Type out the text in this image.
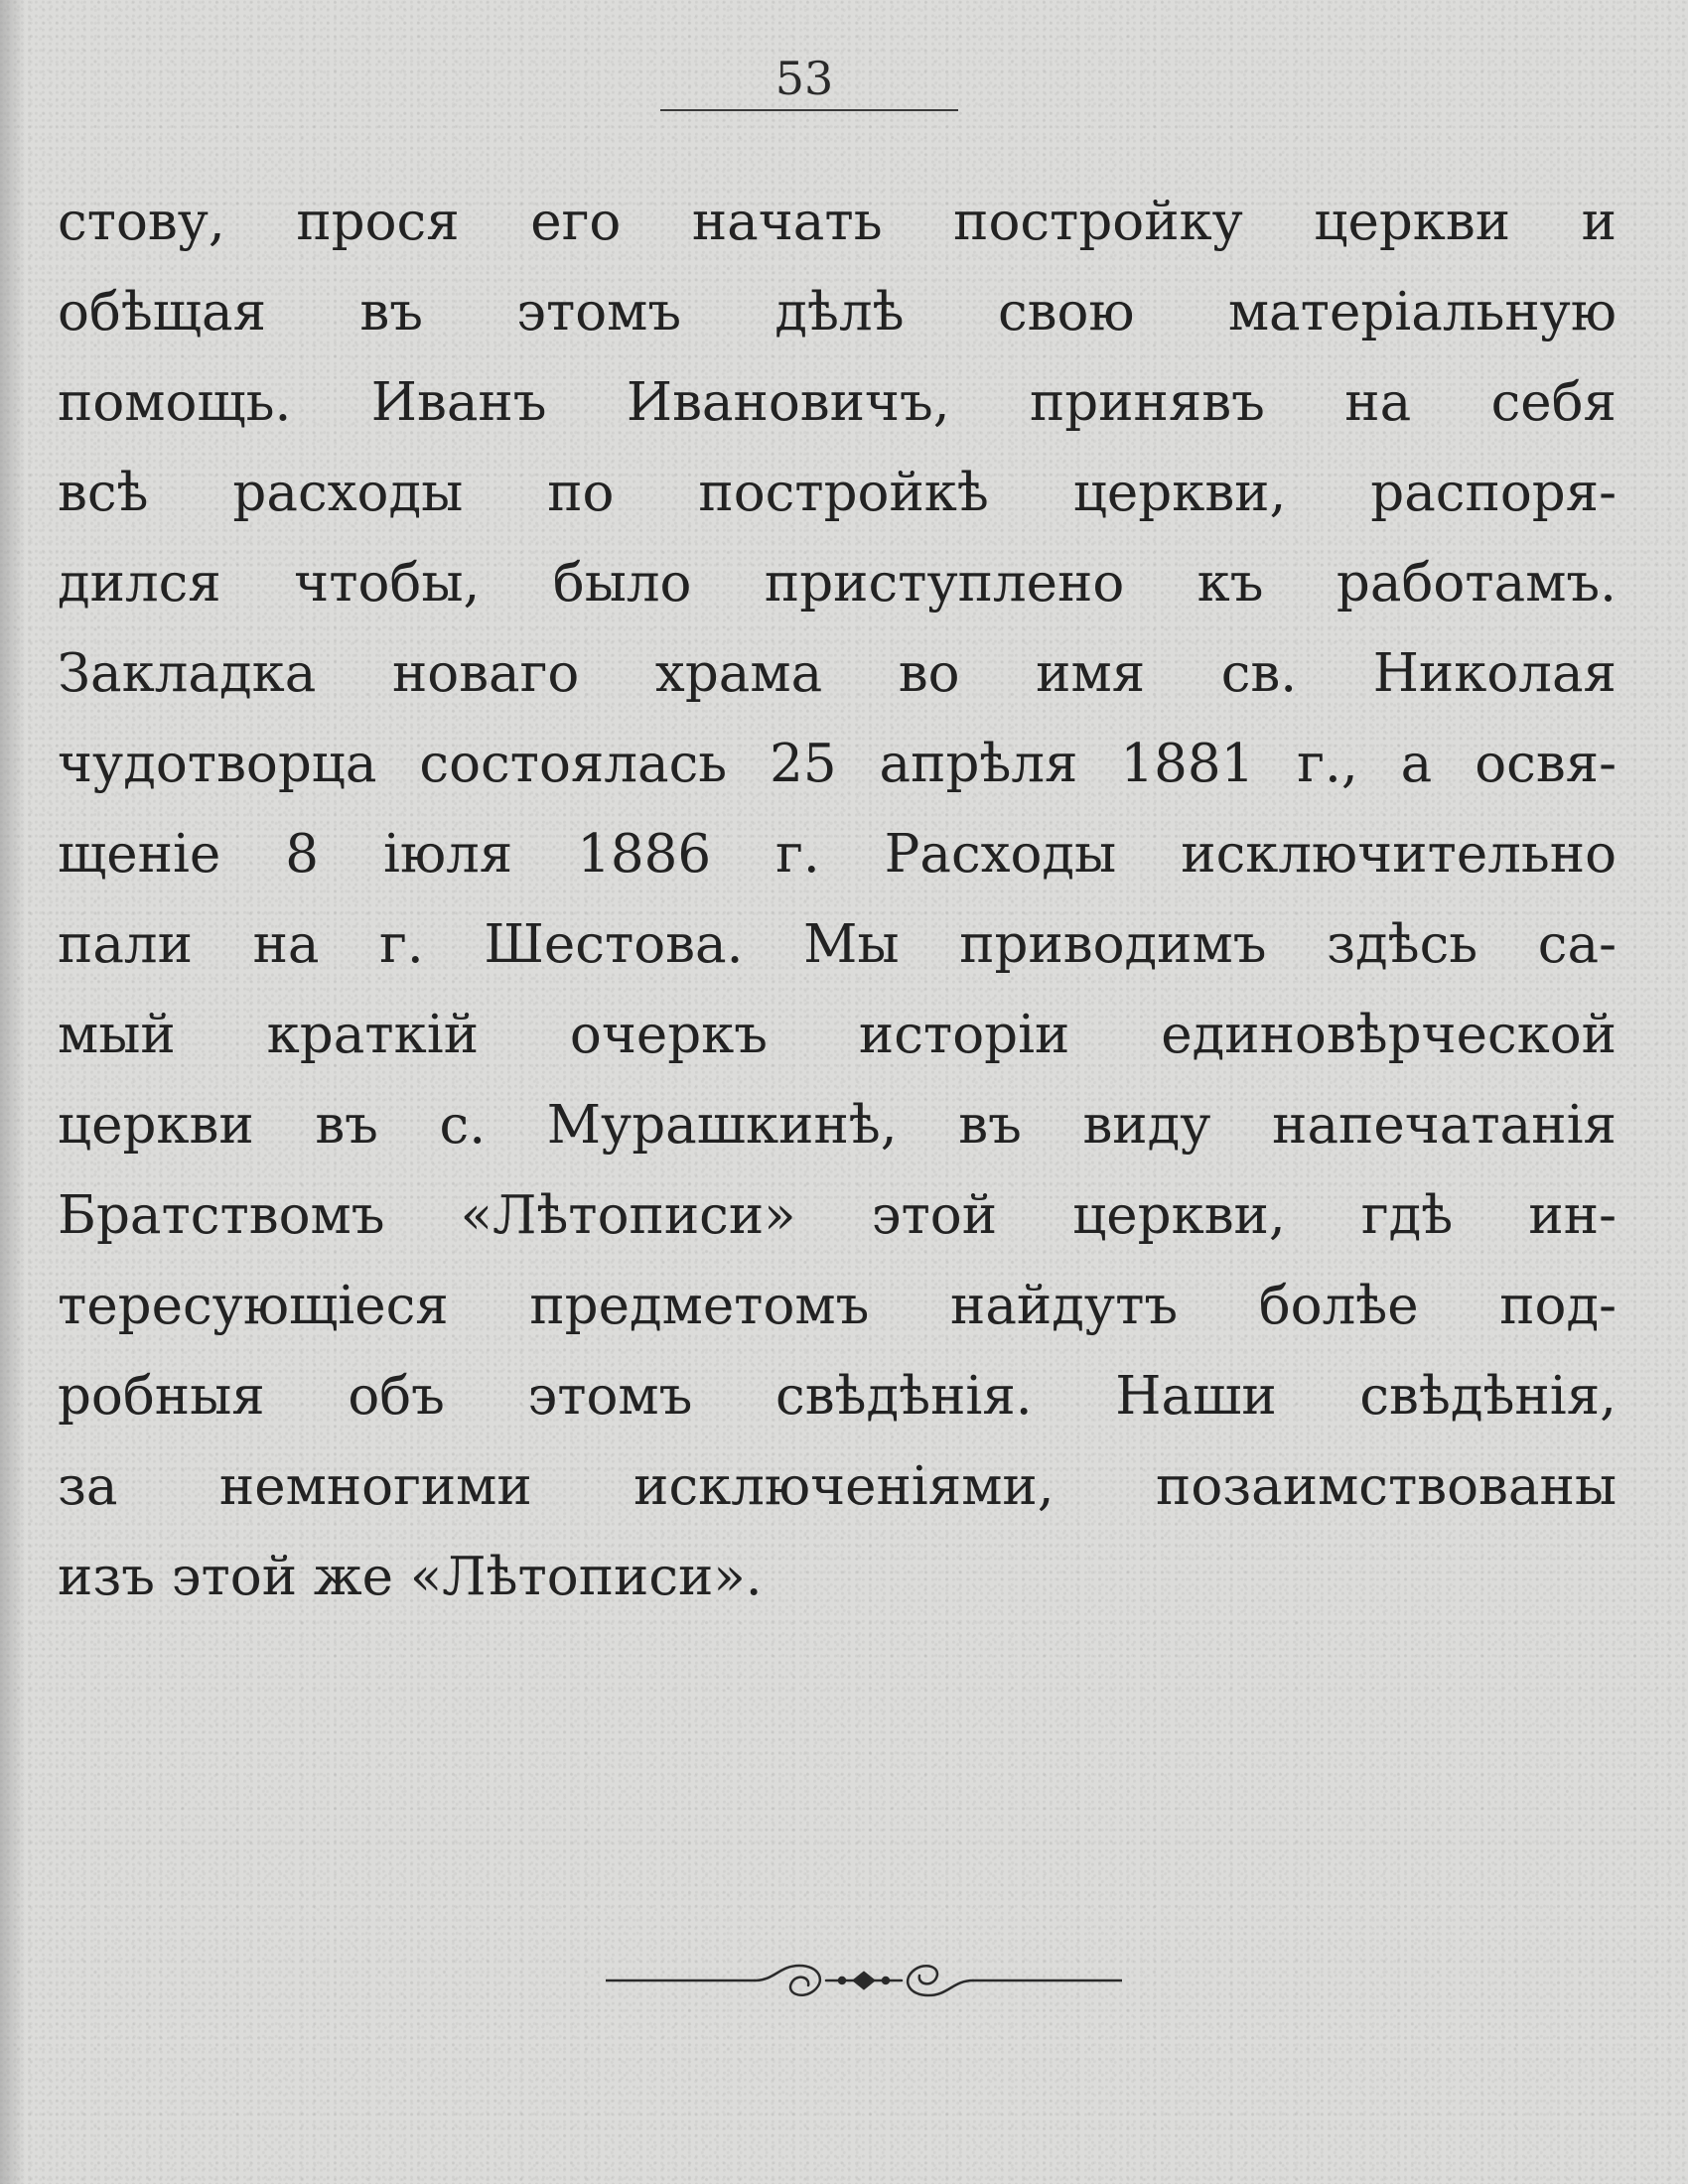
53
стову, прося его начать постройку церкви и
обѣщая въ этомъ дѣлѣ свою матеріальную
помощь. Иванъ Ивановичъ, принявъ на себя
всѣ расходы по постройкѣ церкви, распоря-
дился чтобы, было приступлено къ работамъ.
Закладка новаго храма во имя св. Николая
чудотворца состоялась 25 апрѣля 1881 г., а освя-
щеніе 8 іюля 1886 г. Расходы исключительно
пали на г. Шестова. Мы приводимъ здѣсь са-
мый краткій очеркъ исторіи единовѣрческой
церкви въ с. Мурашкинѣ, въ виду напечатанія
Братствомъ «Лѣтописи» этой церкви, гдѣ ин-
тересующіеся предметомъ найдутъ болѣе под-
робныя объ этомъ свѣдѣнія. Наши свѣдѣнія,
за немногими исключеніями, позаимствованы
изъ этой же «Лѣтописи».
